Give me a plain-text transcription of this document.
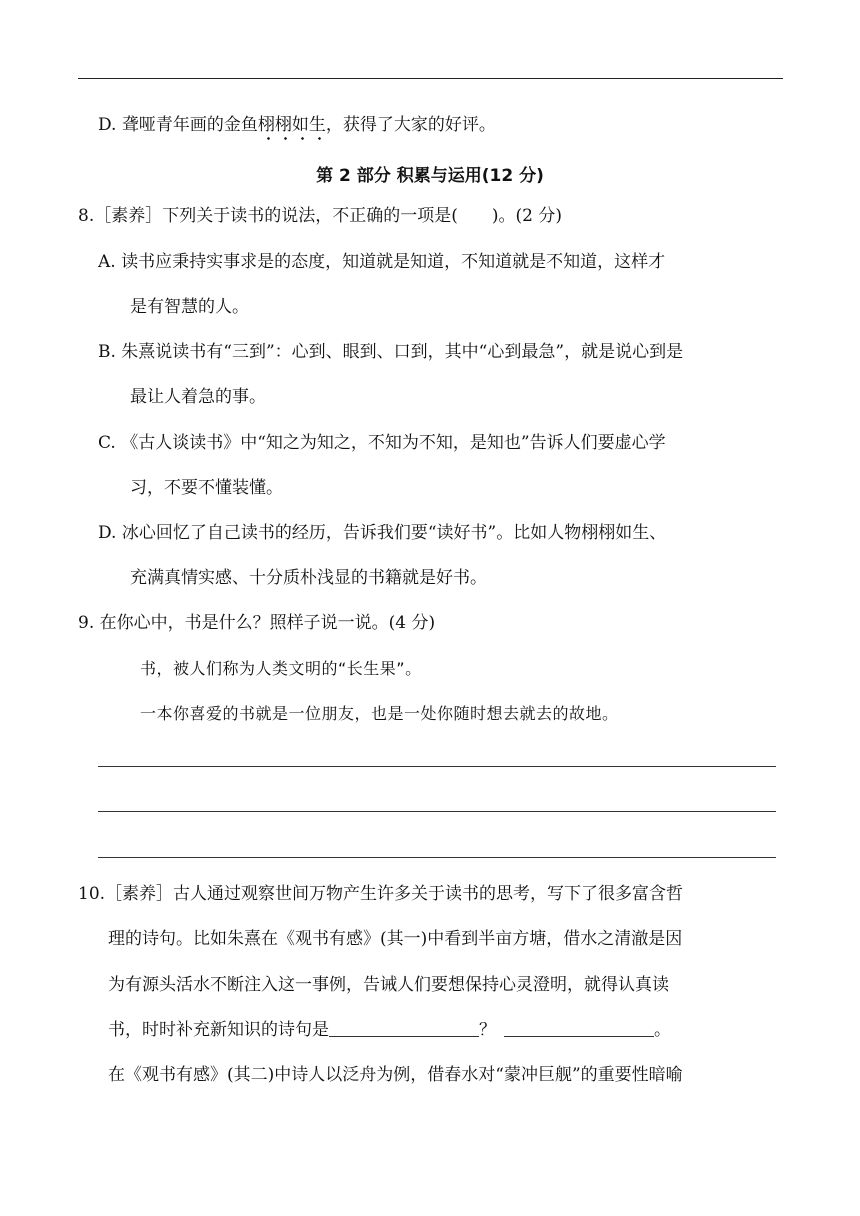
D. 聋哑青年画的金鱼栩栩如生，获得了大家的好评。
第 2 部分 积累与运用(12 分)
8.［素养］下列关于读书的说法，不正确的一项是(　　)。(2 分)
A. 读书应秉持实事求是的态度，知道就是知道，不知道就是不知道，这样才
是有智慧的人。
B. 朱熹说读书有“三到”：心到、眼到、口到，其中“心到最急”，就是说心到是
最让人着急的事。
C. 《古人谈读书》中“知之为知之，不知为不知，是知也”告诉人们要虚心学
习，不要不懂装懂。
D. 冰心回忆了自己读书的经历，告诉我们要“读好书”。比如人物栩栩如生、
充满真情实感、十分质朴浅显的书籍就是好书。
9. 在你心中，书是什么？照样子说一说。(4 分)
书，被人们称为人类文明的“长生果”。
一本你喜爱的书就是一位朋友，也是一处你随时想去就去的故地。
10.［素养］古人通过观察世间万物产生许多关于读书的思考，写下了很多富含哲
理的诗句。比如朱熹在《观书有感》(其一)中看到半亩方塘，借水之清澈是因
为有源头活水不断注入这一事例，告诫人们要想保持心灵澄明，就得认真读
书，时时补充新知识的诗句是	？	。
在《观书有感》(其二)中诗人以泛舟为例，借春水对“蒙冲巨舰”的重要性暗喻
